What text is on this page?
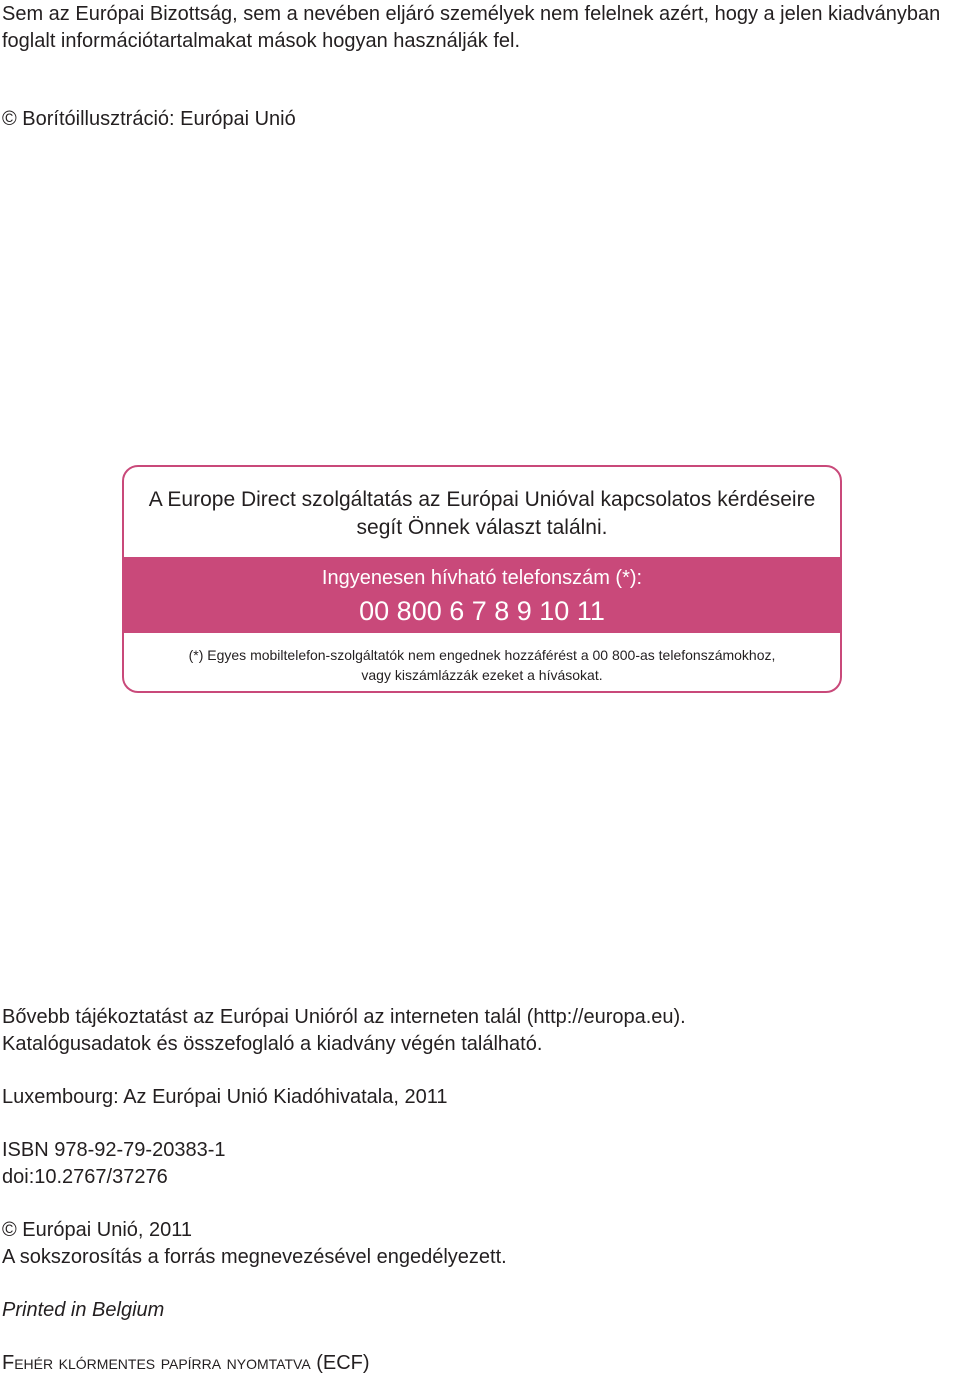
Sem az Európai Bizottság, sem a nevében eljáró személyek nem felelnek azért, hogy a jelen kiadványban
foglalt információtartalmakat mások hogyan használják fel.
© Borítóillusztráció: Európai Unió
A Europe Direct szolgáltatás az Európai Unióval kapcsolatos kérdéseire
segít Önnek választ találni.
Ingyenesen hívható telefonszám (*):
00 800 6 7 8 9 10 11
(*) Egyes mobiltelefon-szolgáltatók nem engednek hozzáférést a 00 800-as telefonszámokhoz,
vagy kiszámlázzák ezeket a hívásokat.
Bővebb tájékoztatást az Európai Unióról az interneten talál (http://europa.eu).
Katalógusadatok és összefoglaló a kiadvány végén található.
Luxembourg: Az Európai Unió Kiadóhivatala, 2011
ISBN 978-92-79-20383-1
doi:10.2767/37276
© Európai Unió, 2011
A sokszorosítás a forrás megnevezésével engedélyezett.
Printed in Belgium
Fehér klórmentes papírra nyomtatva (ECF)
